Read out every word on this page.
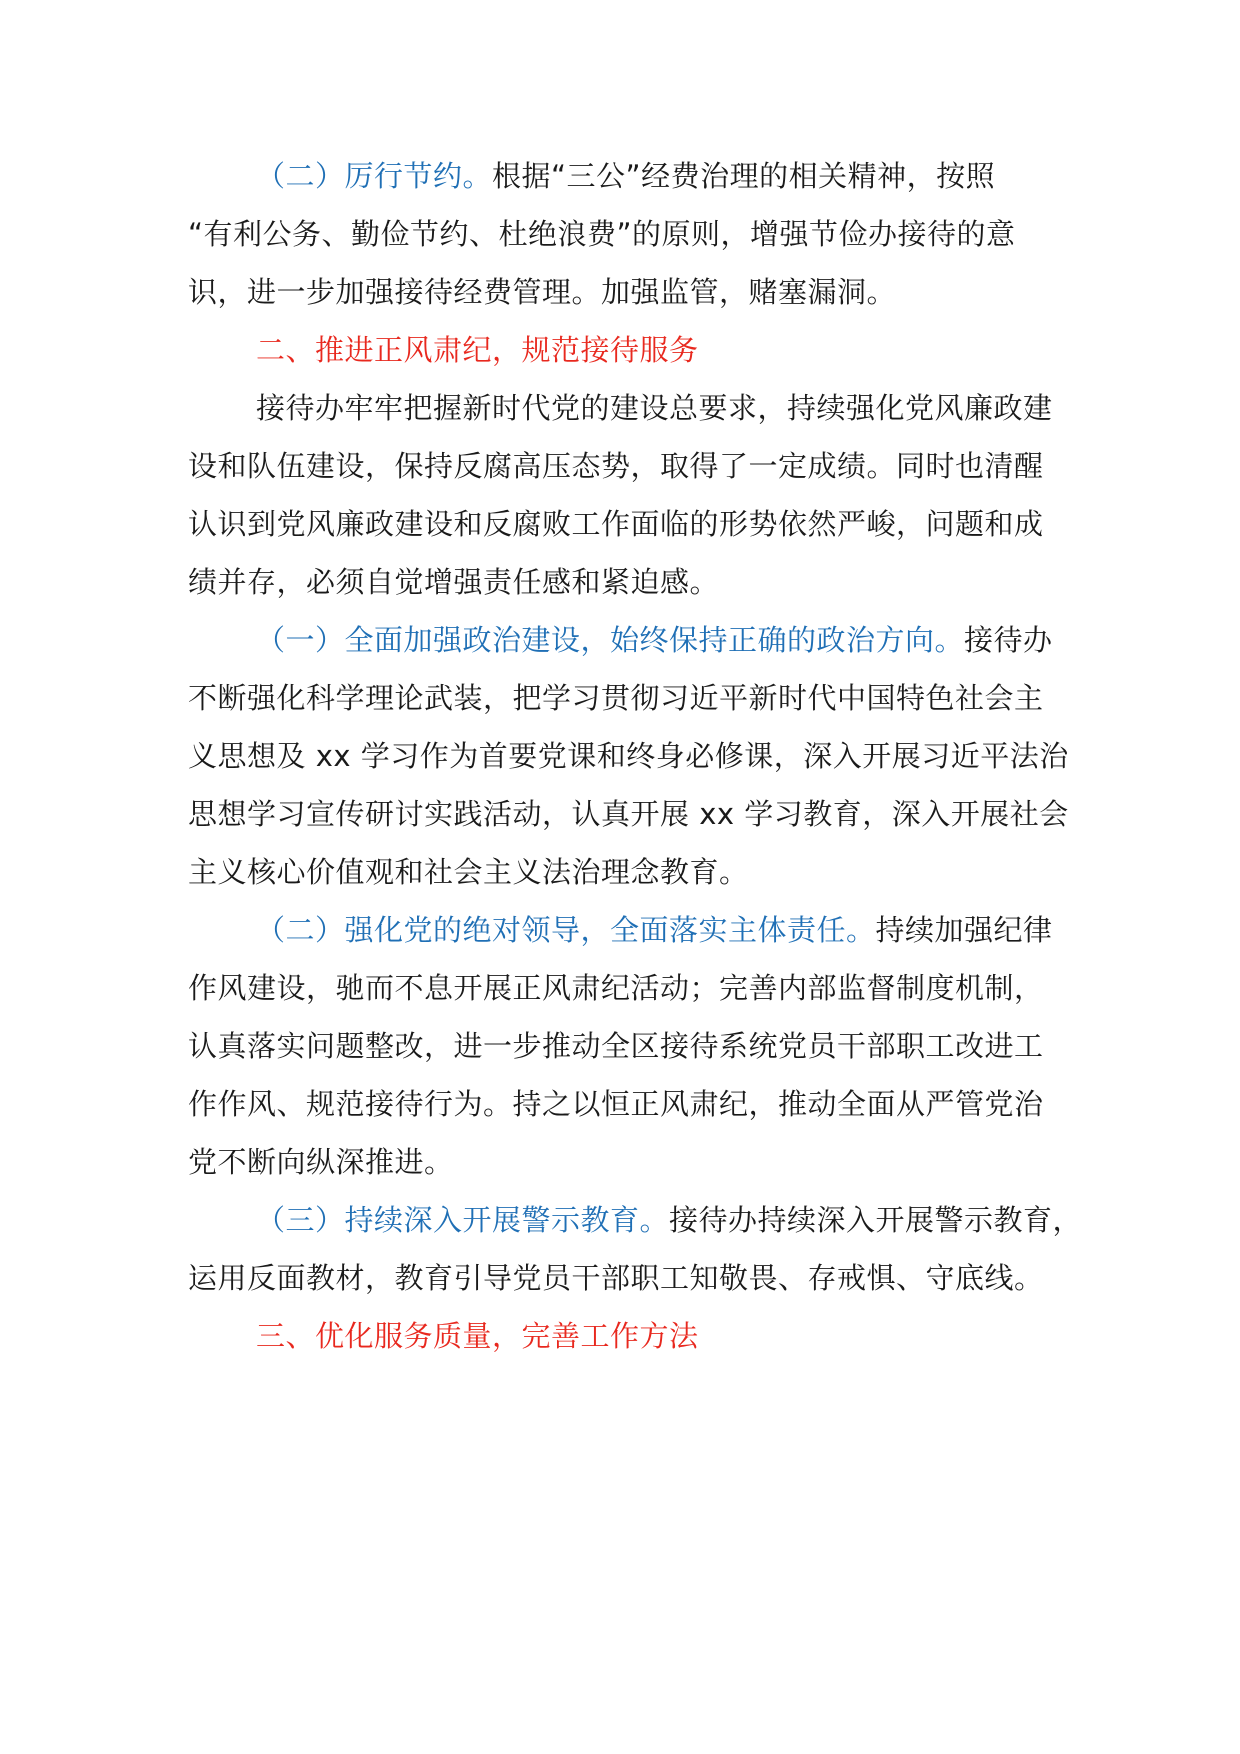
（二）厉行节约。根据“三公”经费治理的相关精神，按照
“有利公务、勤俭节约、杜绝浪费”的原则，增强节俭办接待的意
识，进一步加强接待经费管理。加强监管，赌塞漏洞。
二、推进正风肃纪，规范接待服务
接待办牢牢把握新时代党的建设总要求，持续强化党风廉政建
设和队伍建设，保持反腐高压态势，取得了一定成绩。同时也清醒
认识到党风廉政建设和反腐败工作面临的形势依然严峻，问题和成
绩并存，必须自觉增强责任感和紧迫感。
（一）全面加强政治建设，始终保持正确的政治方向。接待办
不断强化科学理论武装，把学习贯彻习近平新时代中国特色社会主
义思想及 xx 学习作为首要党课和终身必修课，深入开展习近平法治
思想学习宣传研讨实践活动，认真开展 xx 学习教育，深入开展社会
主义核心价值观和社会主义法治理念教育。
（二）强化党的绝对领导，全面落实主体责任。持续加强纪律
作风建设，驰而不息开展正风肃纪活动；完善内部监督制度机制，
认真落实问题整改，进一步推动全区接待系统党员干部职工改进工
作作风、规范接待行为。持之以恒正风肃纪，推动全面从严管党治
党不断向纵深推进。
（三）持续深入开展警示教育。接待办持续深入开展警示教育，
运用反面教材，教育引导党员干部职工知敬畏、存戒惧、守底线。
三、优化服务质量，完善工作方法
